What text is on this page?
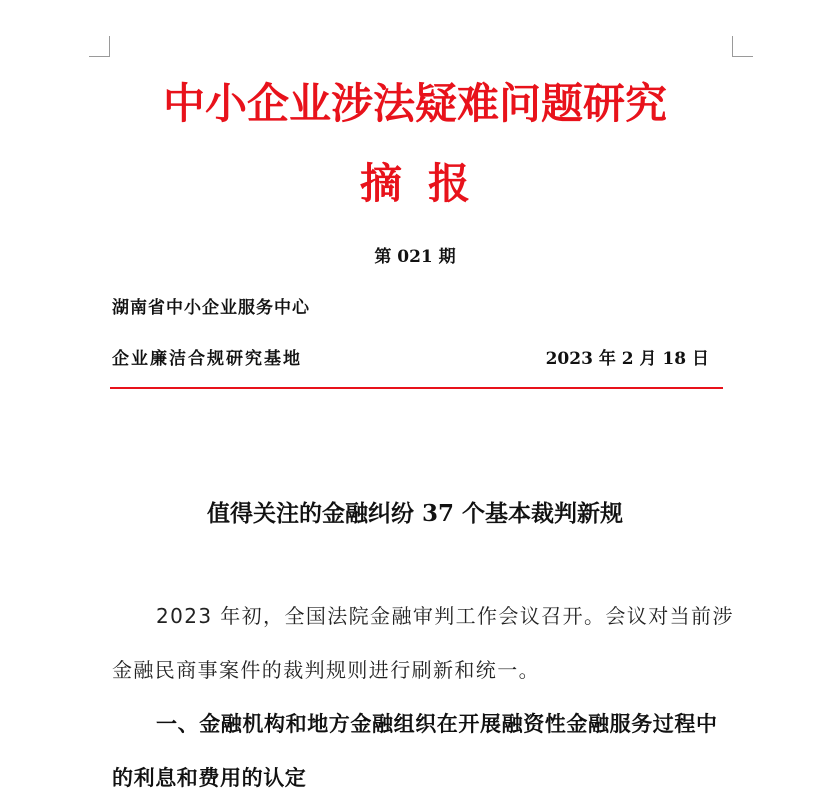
中小企业涉法疑难问题研究
摘报
第 021 期
湖南省中小企业服务中心
企业廉洁合规研究基地	2023 年 2 月 18 日
值得关注的金融纠纷 37 个基本裁判新规
2023 年初，全国法院金融审判工作会议召开。会议对当前涉金融民商事案件的裁判规则进行刷新和统一。
一、金融机构和地方金融组织在开展融资性金融服务过程中的利息和费用的认定
